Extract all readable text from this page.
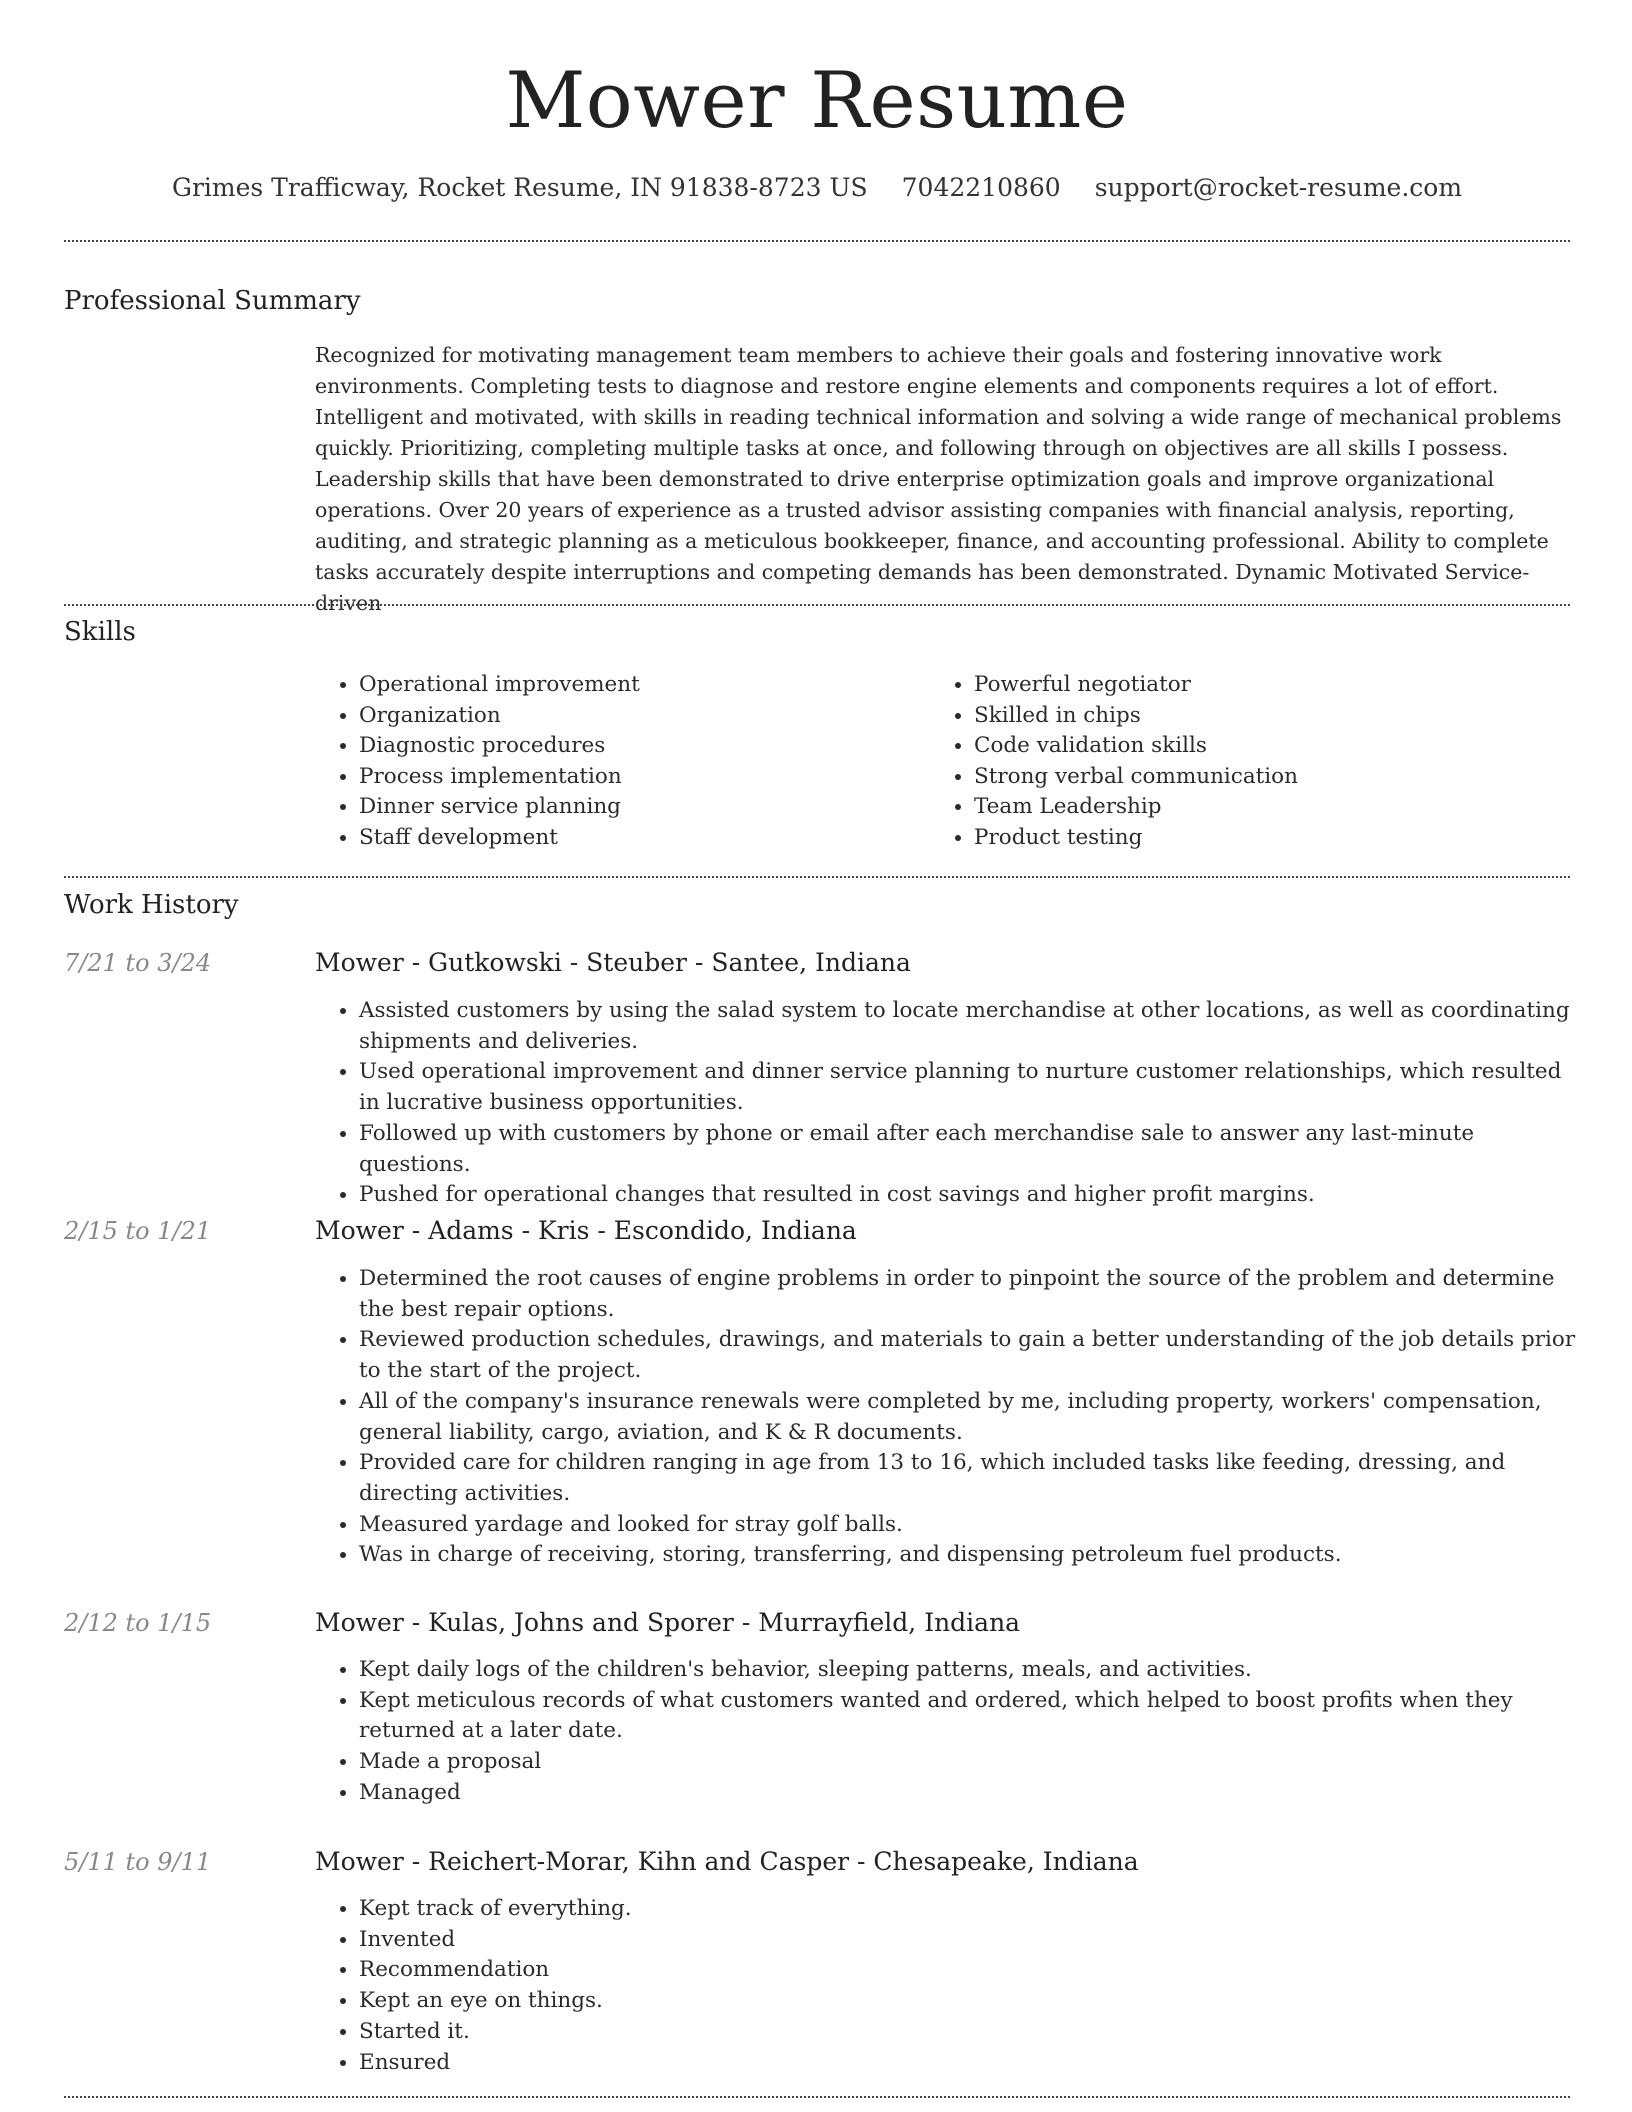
Mower Resume
Grimes Trafficway, Rocket Resume, IN 91838-8723 US 7042210860 support@rocket-resume.com
Professional Summary

Recognized for motivating management team members to achieve their goals and fostering innovative work environments. Completing tests to diagnose and restore engine elements and components requires a lot of effort. Intelligent and motivated, with skills in reading technical information and solving a wide range of mechanical problems quickly. Prioritizing, completing multiple tasks at once, and following through on objectives are all skills I possess. Leadership skills that have been demonstrated to drive enterprise optimization goals and improve organizational operations. Over 20 years of experience as a trusted advisor assisting companies with financial analysis, reporting, auditing, and strategic planning as a meticulous bookkeeper, finance, and accounting professional. Ability to complete tasks accurately despite interruptions and competing demands has been demonstrated. Dynamic Motivated Service-driven

Skills
• Operational improvement
• Organization
• Diagnostic procedures
• Process implementation
• Dinner service planning
• Staff development
• Powerful negotiator
• Skilled in chips
• Code validation skills
• Strong verbal communication
• Team Leadership
• Product testing
Work History
7/21 to 3/24	Mower - Gutkowski - Steuber - Santee, Indiana
• Assisted customers by using the salad system to locate merchandise at other locations, as well as coordinating shipments and deliveries.
• Used operational improvement and dinner service planning to nurture customer relationships, which resulted in lucrative business opportunities.
• Followed up with customers by phone or email after each merchandise sale to answer any last-minute questions.
• Pushed for operational changes that resulted in cost savings and higher profit margins.
2/15 to 1/21	Mower - Adams - Kris - Escondido, Indiana
• Determined the root causes of engine problems in order to pinpoint the source of the problem and determine the best repair options.
• Reviewed production schedules, drawings, and materials to gain a better understanding of the job details prior to the start of the project.
• All of the company's insurance renewals were completed by me, including property, workers' compensation, general liability, cargo, aviation, and K & R documents.
• Provided care for children ranging in age from 13 to 16, which included tasks like feeding, dressing, and directing activities.
• Measured yardage and looked for stray golf balls.
• Was in charge of receiving, storing, transferring, and dispensing petroleum fuel products.
2/12 to 1/15	Mower - Kulas, Johns and Sporer - Murrayfield, Indiana
• Kept daily logs of the children's behavior, sleeping patterns, meals, and activities.
• Kept meticulous records of what customers wanted and ordered, which helped to boost profits when they returned at a later date.
• Made a proposal
• Managed
5/11 to 9/11	Mower - Reichert-Morar, Kihn and Casper - Chesapeake, Indiana
• Kept track of everything.
• Invented
• Recommendation
• Kept an eye on things.
• Started it.
• Ensured
